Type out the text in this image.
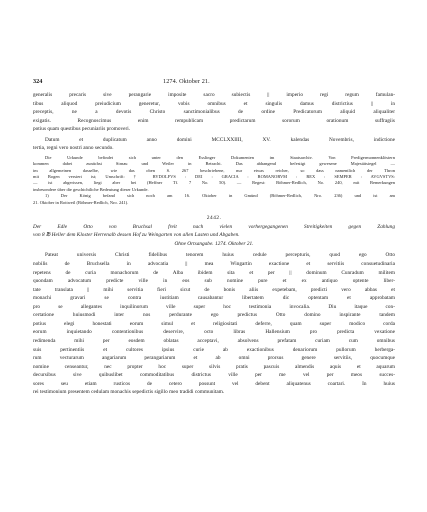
324	1274. Oktober 21.
generalis precaris sive perangarie imposite sacro subiectis || imperio regi regum famulan-
tibus aliquod preiudicium generetur, vobis omnibus et singulis damus districtius || in
preceptis, ne a devotis Christo sanctimonialibus de ordine Predicatorum aliquid aliqualiter
exigatis. Recognoscimus enim rempublicam predictarum sororum orationum suffragiis
potius quam questibus pecuniariis promoveri.
Datum et duplicatum anno domini MCCLXXIIII, XV. kalendas Novembris, indictione
tertia, regni vero nostri anno secundo.
Die Urkunde befindet sich unter den Esslinger Dokumenten im Staatsarchiv. Von Predigermonnenklöstern
kommen dabei zunächst Sirnau und Weiler in Betracht. Das abhangend befestigt gewesene Majestätsiegel —
im allgemeinen dasselbe, wie das oben S. 267 beschriebene, nur etwas reicher, so dass namentlich der Thron
mit Bogen versiert ist; Umschrift: † RVDOLFVS : DEI : GRACIA : ROMANORVM : REX : SEMPER : AVGVSTVS:
— ist abgerissen, liegt aber bei (Heffner Tf. 7 No. 50). — Regest: Böhmer-Redlich, No. 240, mit Bemerkungen
insbesondere über die geschichtliche Bedeutung dieser Urkunde.
1) Der König befand sich noch am 16. Oktober in Gmünd (Böhmer-Redlich, Nro. 236) und ist am
21. Oktober in Rottweil (Böhmer-Redlich, Nro. 241).
2442.
Der Edle Otto von Bruchsal freit nach vielen vorhergegangenen Streitigkeiten gegen Zahlung
von 8 ℔ Heller dem Kloster Herrenalb dessen Hof zu Weingarten von allen Lasten und Abgaben.
Ohne Ortsangabe. 1274. Oktober 21.
Pateat universis Christi fidelibus tenorem huius cedule percepturis, quod ego Otto
nobilis de Bruchsella in advocatia || mea Wingartin exactione et servitiis consuetudinaria
repetens de curia monachorum de Alba ibidem sita et per || dominum Cunradum militem
quondam advocatum predicte ville in eos sub nomine pure et ex antiquo optente liber-
tate translata || mihi servitia fieri sicut de bonis aliis expetebam, predicti vero abbas et
monachi gravari se contra iustitiam causabantur libertatem dic optentam et approbatam
pro se allegantes inquilinorum ville super hoc testimonia invocalia. Diu itaque con-
certatione huiusmodi inter nos perdurante ego predictus Otto domino inspirante tandem
potius elegi honestati eorum simul et religiositati deferre, quam super modico corda
eorum inquietando contentionibus deservire, octo libras Hallensium pro predicta vexatione
redimenda mihi per eosdem oblatas acceptavi, absolvens prefatam curiam cum omnibus
suis pertinentiis et cultores ipsius curie ab exactionibus denariorum pullorum herberga-
rum vecturarum angariarum perangariarum et ab omni prorsus genere servitiis, quocumque
nomine censeantur, nec propter hoc super silvis pratis pascuis almendis aquis et aquarum
decursibus sive quibuslibet commoditatibus districtus ville per me vel per meos succes-
sores seu etiam rusticos de cetero possunt vel debent aliquatenus coartari. In huius
rei testimonium presentem cedulam monachis sepedictis sigillo meo tradidi communitam.
